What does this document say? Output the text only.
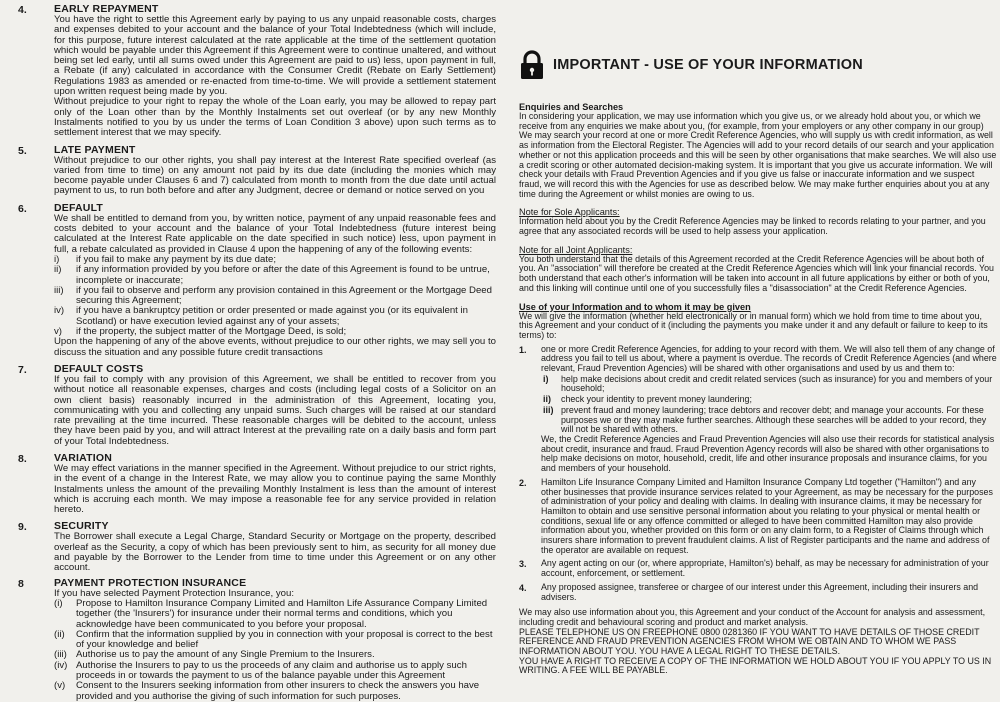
4.	EARLY REPAYMENT

You have the right to settle this Agreement early by paying to us any unpaid reasonable costs, charges and expenses debited to your account and the balance of your Total Indebtedness (which will include, for this purpose, future interest calculated at the rate applicable at the time of the settlement quotation which would be payable under this Agreement if this Agreement were to continue unaltered, and without being set led early, until all sums owed under this Agreement are paid to us) less, upon payment in full, a Rebate (if any) calculated in accordance with the Consumer Credit (Rebate on Early Settlement) Regulations 1983 as amended or re-enacted from time-to-time. We will provide a settlement statement upon written request being made by you.

Without prejudice to your right to repay the whole of the Loan early, you may be allowed to repay part only of the Loan other than by the Monthly Instalments set out overleaf (or by any new Monthly Instalments notified to you by us under the terms of Loan Condition 3 above) upon such terms as to settlement interest that we may specify.

5.	LATE PAYMENT

Without prejudice to our other rights, you shall pay interest at the Interest Rate specified overleaf (as varied from time to time) on any amount not paid by its due date (including the monies which may become payable under Clauses 6 and 7) calculated from month to month from the due date until actual payment to us, to run both before and after any Judgment, decree or demand or notice served on you

6.	DEFAULT

We shall be entitled to demand from you, by written notice, payment of any unpaid reasonable fees and costs debited to your account and the balance of your Total Indebtedness (future interest being calculated at the Interest Rate applicable on the date specified in such notice) less, upon payment in full, a rebate calculated as provided in Clause 4 upon the happening of any of the following events:

i) if you fail to make any payment by its due date;
ii) if any information provided by you before or after the date of this Agreement is found to be untrue, incomplete or inaccurate;
iii) if you fail to observe and perform any provision contained in this Agreement or the Mortgage Deed securing this Agreement;
iv) if you have a bankruptcy petition or order presented or made against you (or its equivalent in Scotland) or have execution levied against any of your assets;
v) if the property, the subject matter of the Mortgage Deed, is sold;

Upon the happening of any of the above events, without prejudice to our other rights, we may sell you to discuss the situation and any possible future credit transactions

7.	DEFAULT COSTS

If you fail to comply with any provision of this Agreement, we shall be entitled to recover from you without notice all reasonable expenses, charges and costs (including legal costs of a Solicitor on an own client basis) reasonably incurred in the administration of this Agreement, locating you, communicating with you and collecting any unpaid sums. Such charges will be raised at our standard rate prevailing at the time incurred. These reasonable charges will be debited to the account, unless they have been paid by you, and will attract Interest at the prevailing rate on a daily basis and form part of your Total Indebtedness.

8.	VARIATION

We may effect variations in the manner specified in the Agreement. Without prejudice to our strict rights, in the event of a change in the Interest Rate, we may allow you to continue paying the same Monthly Instalments unless the amount of the prevailing Monthly Instalment is less than the amount of interest which is accruing each month. We may impose a reasonable fee for any service provided in relation hereto.

9.	SECURITY

The Borrower shall execute a Legal Charge, Standard Security or Mortgage on the property, described overleaf as the Security, a copy of which has been previously sent to him, as security for all money due and payable by the Borrower to the Lender from time to time under this Agreement or on any other account.

8	PAYMENT PROTECTION INSURANCE

If you have selected Payment Protection Insurance, you:

(i) Propose to Hamilton Insurance Company Limited and Hamilton Life Assurance Company Limited together (the 'Insurers') for insurance under their normal terms and conditions, which you acknowledge have been communicated to you before your proposal.
(ii) Confirm that the information supplied by you in connection with your proposal is correct to the best of your knowledge and belief
(iii) Authorise us to pay the amount of any Single Premium to the Insurers.
(iv) Authorise the Insurers to pay to us the proceeds of any claim and authorise us to apply such proceeds in or towards the payment to us of the balance payable under this Agreement
(v) Consent to the Insurers seeking information from other insurers to check the answers you have provided and you authorise the giving of such information for such purposes.
IMPORTANT - USE OF YOUR INFORMATION
Enquiries and Searches

In considering your application, we may use information which you give us, or we already hold about you, or which we receive from any enquiries we make about you, (for example, from your employers or any other company in our group) We may search your record at one or more Credit Reference Agencies, who will supply us with credit information, as well as information from the Electoral Register. The Agencies will add to your record details of our search and your application whether or not this application proceeds and this will be seen by other organisations that make searches. We will also use a credit scoring or other automated decision-making system. It is important that you give us accurate information. We will check your details with Fraud Prevention Agencies and if you give us false or inaccurate information and we suspect fraud, we will record this with the Agencies for use as described below. We may make further enquiries about you at any time during the Agreement or whilst monies are owing to us.

Note for Sole Applicants:

Information held about you by the Credit Reference Agencies may be linked to records relating to your partner, and you agree that any associated records will be used to help assess your application.

Note for all Joint Applicants:

You both understand that the details of this Agreement recorded at the Credit Reference Agencies will be about both of you. An "association" will therefore be created at the Credit Reference Agencies which will link your financial records. You both understand that each other's information will be taken into account in all future applications by either or both of you, and this linking will continue until one of you successfully files a "disassociation" at the Credit Reference Agencies.

Use of your Information and to whom it may be given

We will give the information (whether held electronically or in manual form) which we hold from time to time about you, this Agreement and your conduct of it (including the payments you make under it and any default or failure to keep to its terms) to:

1. one or more Credit Reference Agencies, for adding to your record with them. We will also tell them of any change of address you fail to tell us about, where a payment is overdue. The records of Credit Reference Agencies (and where relevant, Fraud Prevention Agencies) will be shared with other organisations and used by us and them to:

i) help make decisions about credit and credit related services (such as insurance) for you and members of your household;
ii) check your identity to prevent money laundering;
iii) prevent fraud and money laundering; trace debtors and recover debt; and manage your accounts. For these purposes we or they may make further searches. Although these searches will be added to your record, they will not be shared with others.

We, the Credit Reference Agencies and Fraud Prevention Agencies will also use their records for statistical analysis about credit, insurance and fraud. Fraud Prevention Agency records will also be shared with other organisations to help make decisions on motor, household, credit, life and other insurance proposals and insurance claims, for you and members of your household.

2. Hamilton Life Insurance Company Limited and Hamilton Insurance Company Ltd together ("Hamilton") and any other businesses that provide insurance services related to your Agreement, as may be necessary for the purposes of administration of your policy and dealing with claims. In dealing with insurance claims, it may be necessary for Hamilton to obtain and use sensitive personal information about you relating to your physical or mental health or conditions, sexual life or any offence committed or alleged to have been committed Hamilton may also provide information about you, whether provided on this form or on any claim form, to a Register of Claims through which insurers share information to prevent fraudulent claims. A list of Register participants and the name and address of the operator are available on request.

3. Any agent acting on our (or, where appropriate, Hamilton's) behalf, as may be necessary for administration of your account, enforcement, or settlement.

4. Any proposed assignee, transferee or chargee of our interest under this Agreement, including their insurers and advisers.

We may also use information about you, this Agreement and your conduct of the Account for analysis and assessment, including credit and behavioural scoring and product and market analysis.

PLEASE TELEPHONE US ON FREEPHONE 0800 0281360 IF YOU WANT TO HAVE DETAILS OF THOSE CREDIT REFERENCE AND FRAUD PREVENTION AGENCIES FROM WHOM WE OBTAIN AND TO WHOM WE PASS INFORMATION ABOUT YOU. YOU HAVE A LEGAL RIGHT TO THESE DETAILS.

YOU HAVE A RIGHT TO RECEIVE A COPY OF THE INFORMATION WE HOLD ABOUT YOU IF YOU APPLY TO US IN WRITING. A FEE WILL BE PAYABLE.
